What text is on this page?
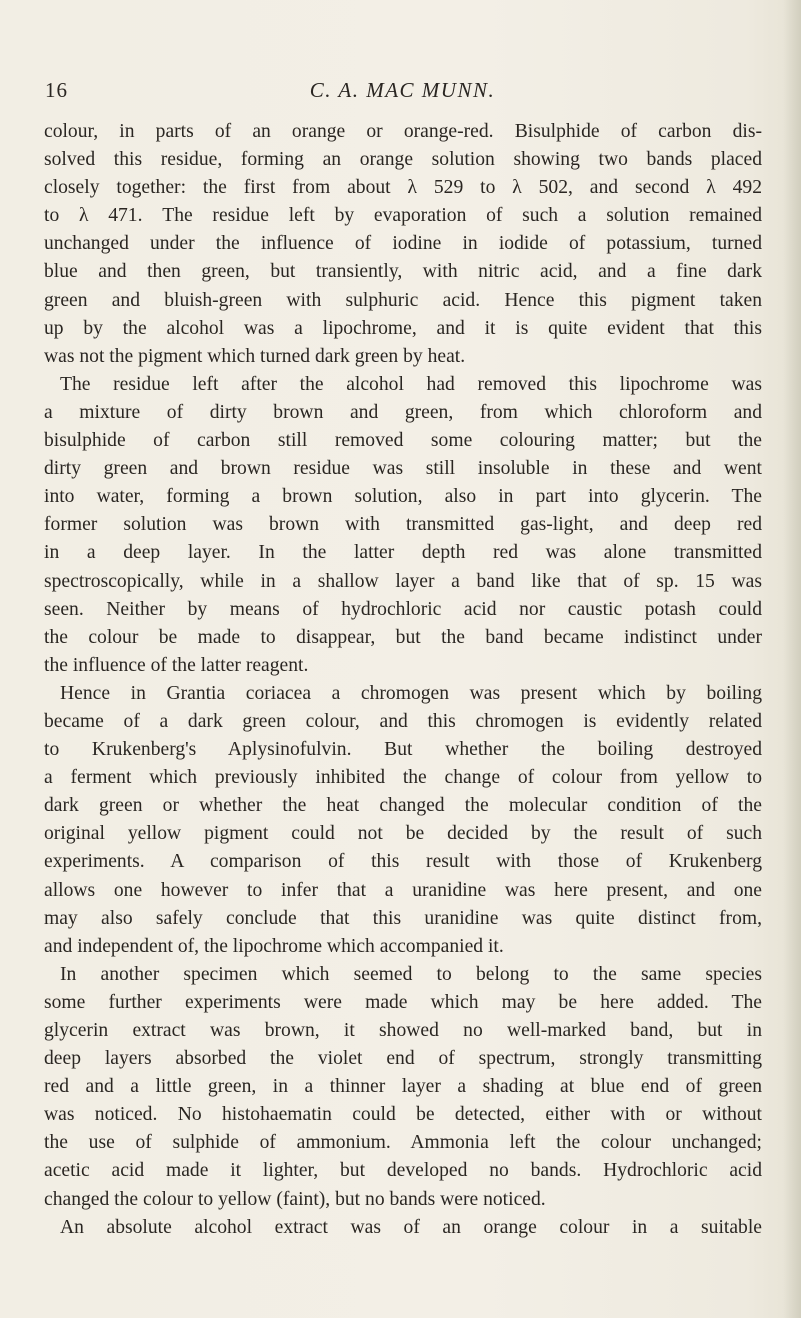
16	C. A. MAC MUNN.
colour, in parts of an orange or orange-red. Bisulphide of carbon dis-
solved this residue, forming an orange solution showing two bands placed
closely together: the first from about λ 529 to λ 502, and second λ 492
to λ 471. The residue left by evaporation of such a solution remained
unchanged under the influence of iodine in iodide of potassium, turned
blue and then green, but transiently, with nitric acid, and a fine dark
green and bluish-green with sulphuric acid. Hence this pigment taken
up by the alcohol was a lipochrome, and it is quite evident that this
was not the pigment which turned dark green by heat.
The residue left after the alcohol had removed this lipochrome was
a mixture of dirty brown and green, from which chloroform and
bisulphide of carbon still removed some colouring matter; but the
dirty green and brown residue was still insoluble in these and went
into water, forming a brown solution, also in part into glycerin. The
former solution was brown with transmitted gas-light, and deep red
in a deep layer. In the latter depth red was alone transmitted
spectroscopically, while in a shallow layer a band like that of sp. 15 was
seen. Neither by means of hydrochloric acid nor caustic potash could
the colour be made to disappear, but the band became indistinct under
the influence of the latter reagent.
Hence in Grantia coriacea a chromogen was present which by boiling
became of a dark green colour, and this chromogen is evidently related
to Krukenberg's Aplysinofulvin. But whether the boiling destroyed
a ferment which previously inhibited the change of colour from yellow to
dark green or whether the heat changed the molecular condition of the
original yellow pigment could not be decided by the result of such
experiments. A comparison of this result with those of Krukenberg
allows one however to infer that a uranidine was here present, and one
may also safely conclude that this uranidine was quite distinct from,
and independent of, the lipochrome which accompanied it.
In another specimen which seemed to belong to the same species
some further experiments were made which may be here added. The
glycerin extract was brown, it showed no well-marked band, but in
deep layers absorbed the violet end of spectrum, strongly transmitting
red and a little green, in a thinner layer a shading at blue end of green
was noticed. No histohaematin could be detected, either with or without
the use of sulphide of ammonium. Ammonia left the colour unchanged;
acetic acid made it lighter, but developed no bands. Hydrochloric acid
changed the colour to yellow (faint), but no bands were noticed.
An absolute alcohol extract was of an orange colour in a suitable
